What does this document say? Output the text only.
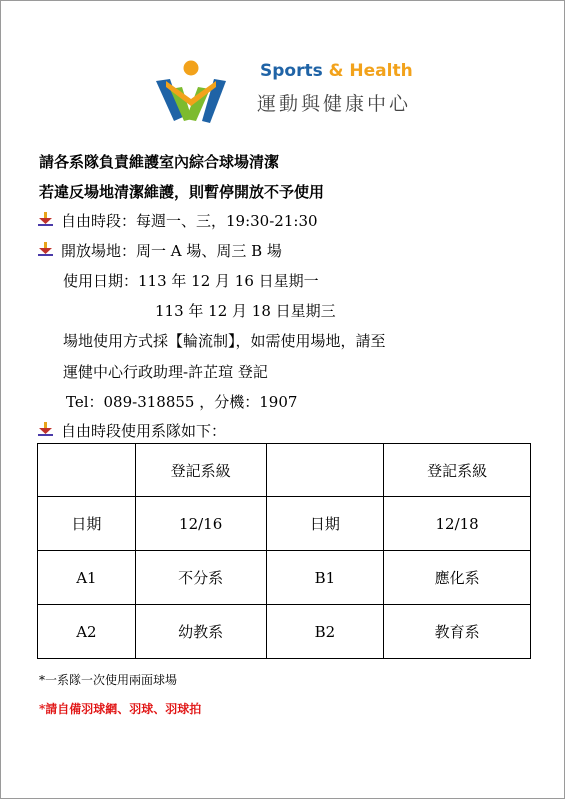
Sports & Health
運動與健康中心
請各系隊負責維護室內綜合球場清潔
若違反場地清潔維護，則暫停開放不予使用
自由時段：每週一、三，19:30-21:30
開放場地：周一 A 場、周三 B 場
使用日期：113 年 12 月 16 日星期一
113 年 12 月 18 日星期三
場地使用方式採【輪流制】，如需使用場地，請至
運健中心行政助理-許芷瑄 登記
Tel：089-318855 ，分機：1907
自由時段使用系隊如下：
	登記系級		登記系級
日期	12/16	日期	12/18
A1	不分系	B1	應化系
A2	幼教系	B2	教育系
*一系隊一次使用兩面球場
*請自備羽球網、羽球、羽球拍
